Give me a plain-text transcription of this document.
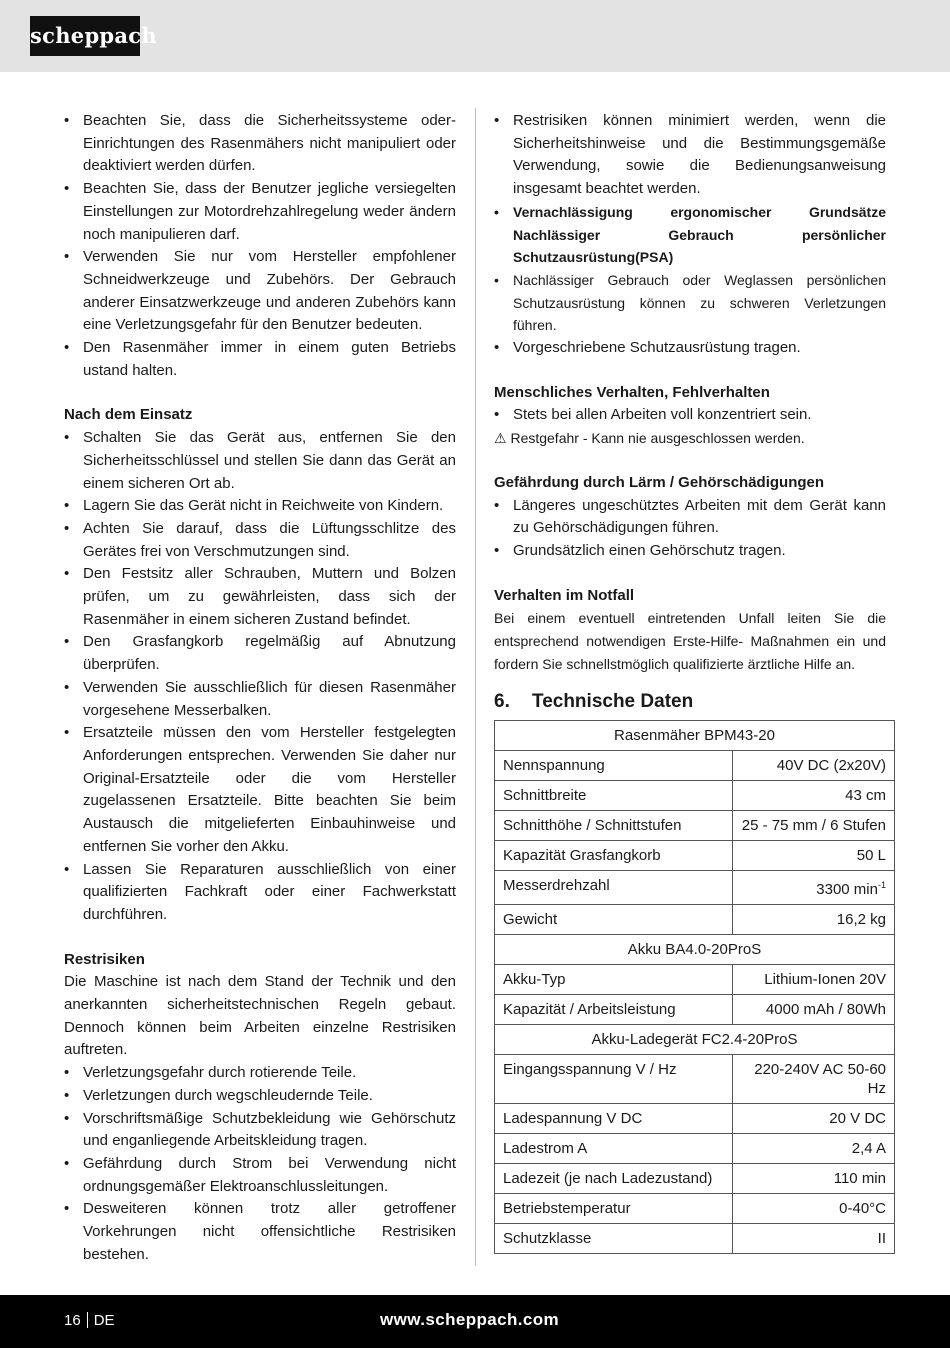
scheppach
• Beachten Sie, dass die Sicherheitssysteme oder-Einrichtungen des Rasenmähers nicht manipuliert oder deaktiviert werden dürfen.
• Beachten Sie, dass der Benutzer jegliche versiegelten Einstellungen zur Motordrehzahlregelung weder ändern noch manipulieren darf.
• Verwenden Sie nur vom Hersteller empfohlener Schneidwerkzeuge und Zubehörs. Der Gebrauch anderer Einsatzwerkzeuge und anderen Zubehörs kann eine Verletzungsgefahr für den Benutzer bedeuten.
• Den Rasenmäher immer in einem guten Betriebs ustand halten.
Nach dem Einsatz
• Schalten Sie das Gerät aus, entfernen Sie den Sicherheitsschlüssel und stellen Sie dann das Gerät an einem sicheren Ort ab.
• Lagern Sie das Gerät nicht in Reichweite von Kindern.
• Achten Sie darauf, dass die Lüftungsschlitze des Gerätes frei von Verschmutzungen sind.
• Den Festsitz aller Schrauben, Muttern und Bolzen prüfen, um zu gewährleisten, dass sich der Rasenmäher in einem sicheren Zustand befindet.
• Den Grasfangkorb regelmäßig auf Abnutzung überprüfen.
• Verwenden Sie ausschließlich für diesen Rasenmäher vorgesehene Messerbalken.
• Ersatzteile müssen den vom Hersteller festgelegten Anforderungen entsprechen. Verwenden Sie daher nur Original-Ersatzteile oder die vom Hersteller zugelassenen Ersatzteile. Bitte beachten Sie beim Austausch die mitgelieferten Einbauhinweise und entfernen Sie vorher den Akku.
• Lassen Sie Reparaturen ausschließlich von einer qualifizierten Fachkraft oder einer Fachwerkstatt durchführen.
Restrisiken

Die Maschine ist nach dem Stand der Technik und den anerkannten sicherheitstechnischen Regeln gebaut. Dennoch können beim Arbeiten einzelne Restrisiken auftreten.

• Verletzungsgefahr durch rotierende Teile.
• Verletzungen durch wegschleudernde Teile.
• Vorschriftsmäßige Schutzbekleidung wie Gehörschutz und enganliegende Arbeitskleidung tragen.
• Gefährdung durch Strom bei Verwendung nicht ordnungsgemäßer Elektroanschlussleitungen.
• Desweiteren können trotz aller getroffener Vorkehrungen nicht offensichtliche Restrisiken bestehen.
• Restrisiken können minimiert werden, wenn die Sicherheitshinweise und die Bestimmungsgemäße Verwendung, sowie die Bedienungsanweisung insgesamt beachtet werden.
• Vernachlässigung ergonomischer Grundsätze Nachlässiger Gebrauch persönlicher Schutzausrüstung(PSA)
• Nachlässiger Gebrauch oder Weglassen persönlichen Schutzausrüstung können zu schweren Verletzungen führen.
• Vorgeschriebene Schutzausrüstung tragen.
Menschliches Verhalten, Fehlverhalten
• Stets bei allen Arbeiten voll konzentriert sein.
⚠ Restgefahr - Kann nie ausgeschlossen werden.
Gefährdung durch Lärm / Gehörschädigungen
• Längeres ungeschütztes Arbeiten mit dem Gerät kann zu Gehörschädigungen führen.
• Grundsätzlich einen Gehörschutz tragen.
Verhalten im Notfall

Bei einem eventuell eintretenden Unfall leiten Sie die entsprechend notwendigen Erste-Hilfe- Maßnahmen ein und fordern Sie schnellstmöglich qualifizierte ärztliche Hilfe an.

6. Technische Daten
Rasenmäher BPM43-20	
Nennspannung	40V DC (2x20V)
Schnittbreite	43 cm
Schnitthöhe / Schnittstufen	25 - 75 mm / 6 Stufen
Kapazität Grasfangkorb	50 L
Messerdrehzahl	3300 $\min^{-1}$
Gewicht	16,2 kg
Akku BA4.0-20ProS	
Akku-Typ	Lithium-Ionen 20V
Kapazität / Arbeitsleistung	4000 mAh / 80Wh
Akku-Ladegerät FC2.4-20ProS	
Eingangsspannung V / Hz	220-240V AC 50-60 Hz
Ladespannung V DC	20 V DC
Ladestrom A	2,4 A
Ladezeit (je nach Ladezustand)	110 min
Betriebstemperatur	0-40°C
Schutzklasse	II
16 DE	www.scheppach.com
